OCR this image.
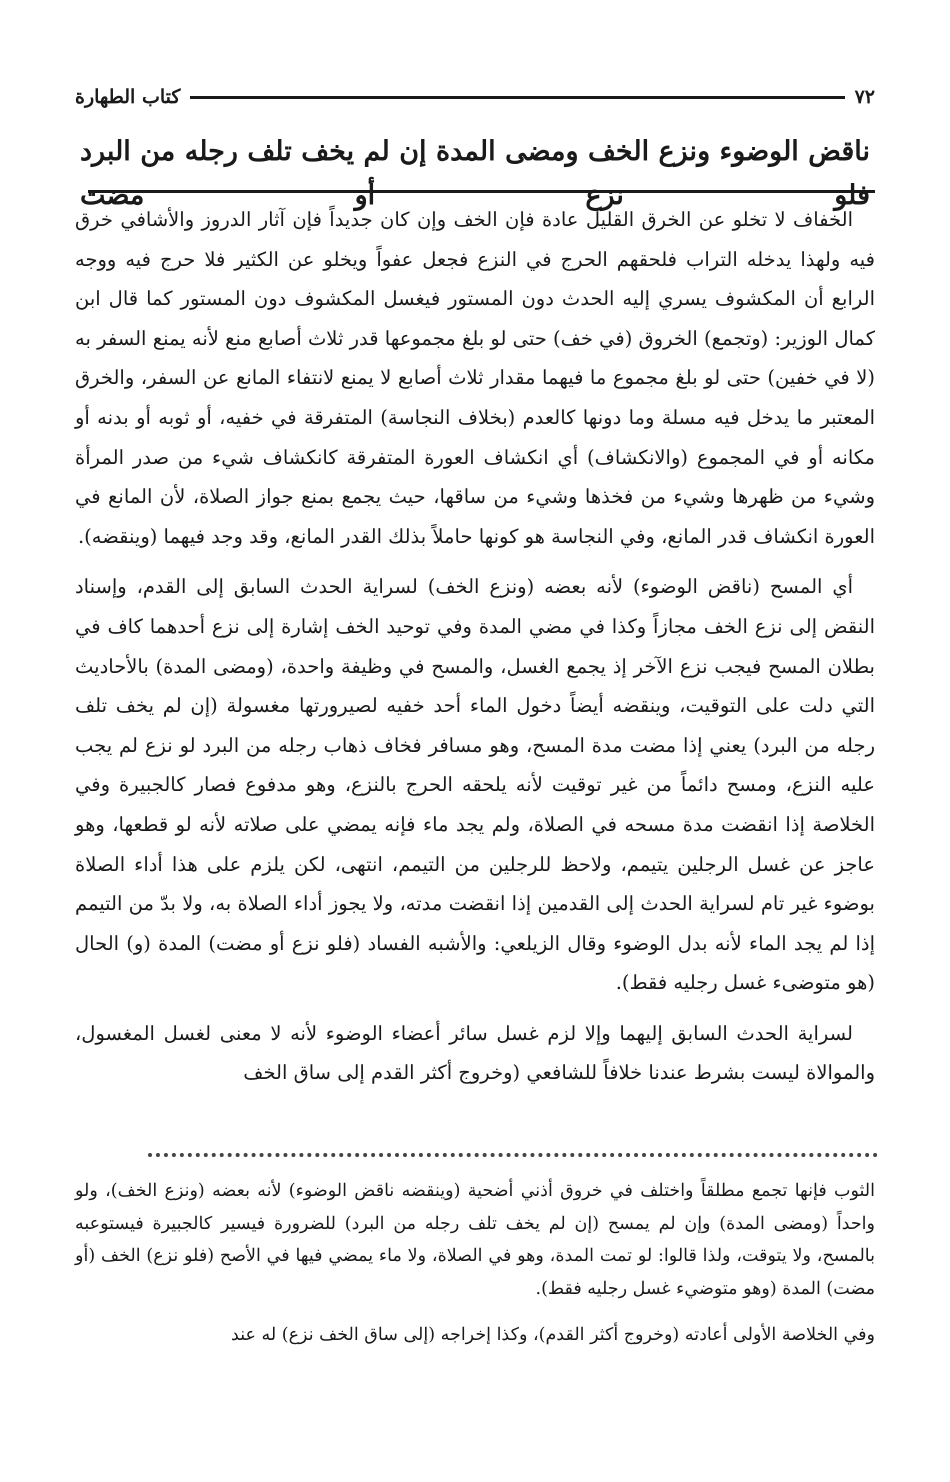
٧٢
كتاب الطهارة
ناقض الوضوء ونزع الخف ومضى المدة إن لم يخف تلف رجله من البرد فلو نزع أو مضت

الخفاف لا تخلو عن الخرق القليل عادة فإن الخف وإن كان جديداً فإن آثار الدروز والأشافي خرق فيه ولهذا يدخله التراب فلحقهم الحرج في النزع فجعل عفواً ويخلو عن الكثير فلا حرج فيه ووجه الرابع أن المكشوف يسري إليه الحدث دون المستور فيغسل المكشوف دون المستور كما قال ابن كمال الوزير: (وتجمع) الخروق (في خف) حتى لو بلغ مجموعها قدر ثلاث أصابع منع لأنه يمنع السفر به (لا في خفين) حتى لو بلغ مجموع ما فيهما مقدار ثلاث أصابع لا يمنع لانتفاء المانع عن السفر، والخرق المعتبر ما يدخل فيه مسلة وما دونها كالعدم (بخلاف النجاسة) المتفرقة في خفيه، أو ثوبه أو بدنه أو مكانه أو في المجموع (والانكشاف) أي انكشاف العورة المتفرقة كانكشاف شيء من صدر المرأة وشيء من ظهرها وشيء من فخذها وشيء من ساقها، حيث يجمع بمنع جواز الصلاة، لأن المانع في العورة انكشاف قدر المانع، وفي النجاسة هو كونها حاملاً بذلك القدر المانع، وقد وجد فيهما (وينقضه).

أي المسح (ناقض الوضوء) لأنه بعضه (ونزع الخف) لسراية الحدث السابق إلى القدم، وإسناد النقض إلى نزع الخف مجازاً وكذا في مضي المدة وفي توحيد الخف إشارة إلى نزع أحدهما كاف في بطلان المسح فيجب نزع الآخر إذ يجمع الغسل، والمسح في وظيفة واحدة، (ومضى المدة) بالأحاديث التي دلت على التوقيت، وينقضه أيضاً دخول الماء أحد خفيه لصيرورتها مغسولة (إن لم يخف تلف رجله من البرد) يعني إذا مضت مدة المسح، وهو مسافر فخاف ذهاب رجله من البرد لو نزع لم يجب عليه النزع، ومسح دائماً من غير توقيت لأنه يلحقه الحرج بالنزع، وهو مدفوع فصار كالجبيرة وفي الخلاصة إذا انقضت مدة مسحه في الصلاة، ولم يجد ماء فإنه يمضي على صلاته لأنه لو قطعها، وهو عاجز عن غسل الرجلين يتيمم، ولاحظ للرجلين من التيمم، انتهى، لكن يلزم على هذا أداء الصلاة بوضوء غير تام لسراية الحدث إلى القدمين إذا انقضت مدته، ولا يجوز أداء الصلاة به، ولا بدّ من التيمم إذا لم يجد الماء لأنه بدل الوضوء وقال الزيلعي: والأشبه الفساد (فلو نزع أو مضت) المدة (و) الحال (هو متوضىء غسل رجليه فقط).

لسراية الحدث السابق إليهما وإلا لزم غسل سائر أعضاء الوضوء لأنه لا معنى لغسل المغسول، والموالاة ليست بشرط عندنا خلافاً للشافعي (وخروج أكثر القدم إلى ساق الخف

الثوب فإنها تجمع مطلقاً واختلف في خروق أذني أضحية (وينقضه ناقض الوضوء) لأنه بعضه (ونزع الخف)، ولو واحداً (ومضى المدة) وإن لم يمسح (إن لم يخف تلف رجله من البرد) للضرورة فيسير كالجبيرة فيستوعبه بالمسح، ولا يتوقت، ولذا قالوا: لو تمت المدة، وهو في الصلاة، ولا ماء يمضي فيها في الأصح (فلو نزع) الخف (أو مضت) المدة (وهو متوضيء غسل رجليه فقط).

وفي الخلاصة الأولى أعادته (وخروج أكثر القدم)، وكذا إخراجه (إلى ساق الخف نزع) له عند
